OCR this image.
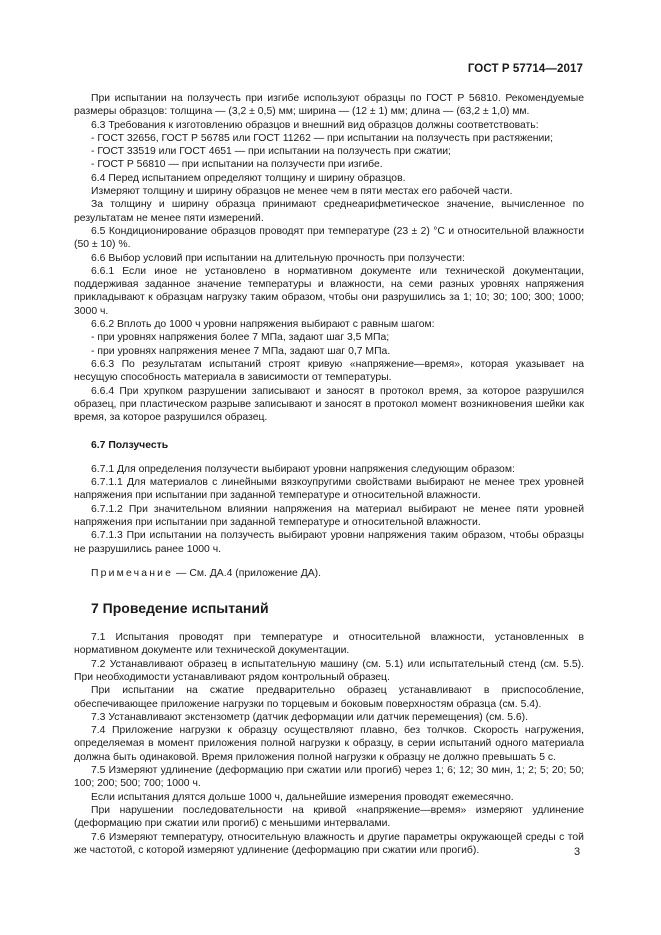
ГОСТ Р 57714—2017

При испытании на ползучесть при изгибе используют образцы по ГОСТ Р 56810. Рекомендуемые размеры образцов: толщина — (3,2 ± 0,5) мм; ширина — (12 ± 1) мм; длина — (63,2 ± 1,0) мм.

6.3 Требования к изготовлению образцов и внешний вид образцов должны соответствовать:

- ГОСТ 32656, ГОСТ Р 56785 или ГОСТ 11262 — при испытании на ползучесть при растяжении;

- ГОСТ 33519 или ГОСТ 4651 — при испытании на ползучесть при сжатии;

- ГОСТ Р 56810 — при испытании на ползучести при изгибе.

6.4 Перед испытанием определяют толщину и ширину образцов.

Измеряют толщину и ширину образцов не менее чем в пяти местах его рабочей части.

За толщину и ширину образца принимают среднеарифметическое значение, вычисленное по результатам не менее пяти измерений.

6.5 Кондиционирование образцов проводят при температуре (23 ± 2) °С и относительной влажности (50 ± 10) %.

6.6 Выбор условий при испытании на длительную прочность при ползучести:

6.6.1 Если иное не установлено в нормативном документе или технической документации, поддерживая заданное значение температуры и влажности, на семи разных уровнях напряжения прикладывают к образцам нагрузку таким образом, чтобы они разрушились за 1; 10; 30; 100; 300; 1000; 3000 ч.

6.6.2 Вплоть до 1000 ч уровни напряжения выбирают с равным шагом:

- при уровнях напряжения более 7 МПа, задают шаг 3,5 МПа;

- при уровнях напряжения менее 7 МПа, задают шаг 0,7 МПа.

6.6.3 По результатам испытаний строят кривую «напряжение—время», которая указывает на несущую способность материала в зависимости от температуры.

6.6.4 При хрупком разрушении записывают и заносят в протокол время, за которое разрушился образец, при пластическом разрыве записывают и заносят в протокол момент возникновения шейки как время, за которое разрушился образец.

6.7 Ползучесть

6.7.1 Для определения ползучести выбирают уровни напряжения следующим образом:

6.7.1.1 Для материалов с линейными вязкоупругими свойствами выбирают не менее трех уровней напряжения при испытании при заданной температуре и относительной влажности.

6.7.1.2 При значительном влиянии напряжения на материал выбирают не менее пяти уровней напряжения при испытании при заданной температуре и относительной влажности.

6.7.1.3 При испытании на ползучесть выбирают уровни напряжения таким образом, чтобы образцы не разрушились ранее 1000 ч.

Примечание — См. ДА.4 (приложение ДА).

7 Проведение испытаний

7.1 Испытания проводят при температуре и относительной влажности, установленных в нормативном документе или технической документации.

7.2 Устанавливают образец в испытательную машину (см. 5.1) или испытательный стенд (см. 5.5). При необходимости устанавливают рядом контрольный образец.

При испытании на сжатие предварительно образец устанавливают в приспособление, обеспечивающее приложение нагрузки по торцевым и боковым поверхностям образца (см. 5.4).

7.3 Устанавливают экстензометр (датчик деформации или датчик перемещения) (см. 5.6).

7.4 Приложение нагрузки к образцу осуществляют плавно, без толчков. Скорость нагружения, определяемая в момент приложения полной нагрузки к образцу, в серии испытаний одного материала должна быть одинаковой. Время приложения полной нагрузки к образцу не должно превышать 5 с.

7.5 Измеряют удлинение (деформацию при сжатии или прогиб) через 1; 6; 12; 30 мин, 1; 2; 5; 20; 50; 100; 200; 500; 700; 1000 ч.

Если испытания длятся дольше 1000 ч, дальнейшие измерения проводят ежемесячно.

При нарушении последовательности на кривой «напряжение—время» измеряют удлинение (деформацию при сжатии или прогиб) с меньшими интервалами.

7.6 Измеряют температуру, относительную влажность и другие параметры окружающей среды с той же частотой, с которой измеряют удлинение (деформацию при сжатии или прогиб).	3
